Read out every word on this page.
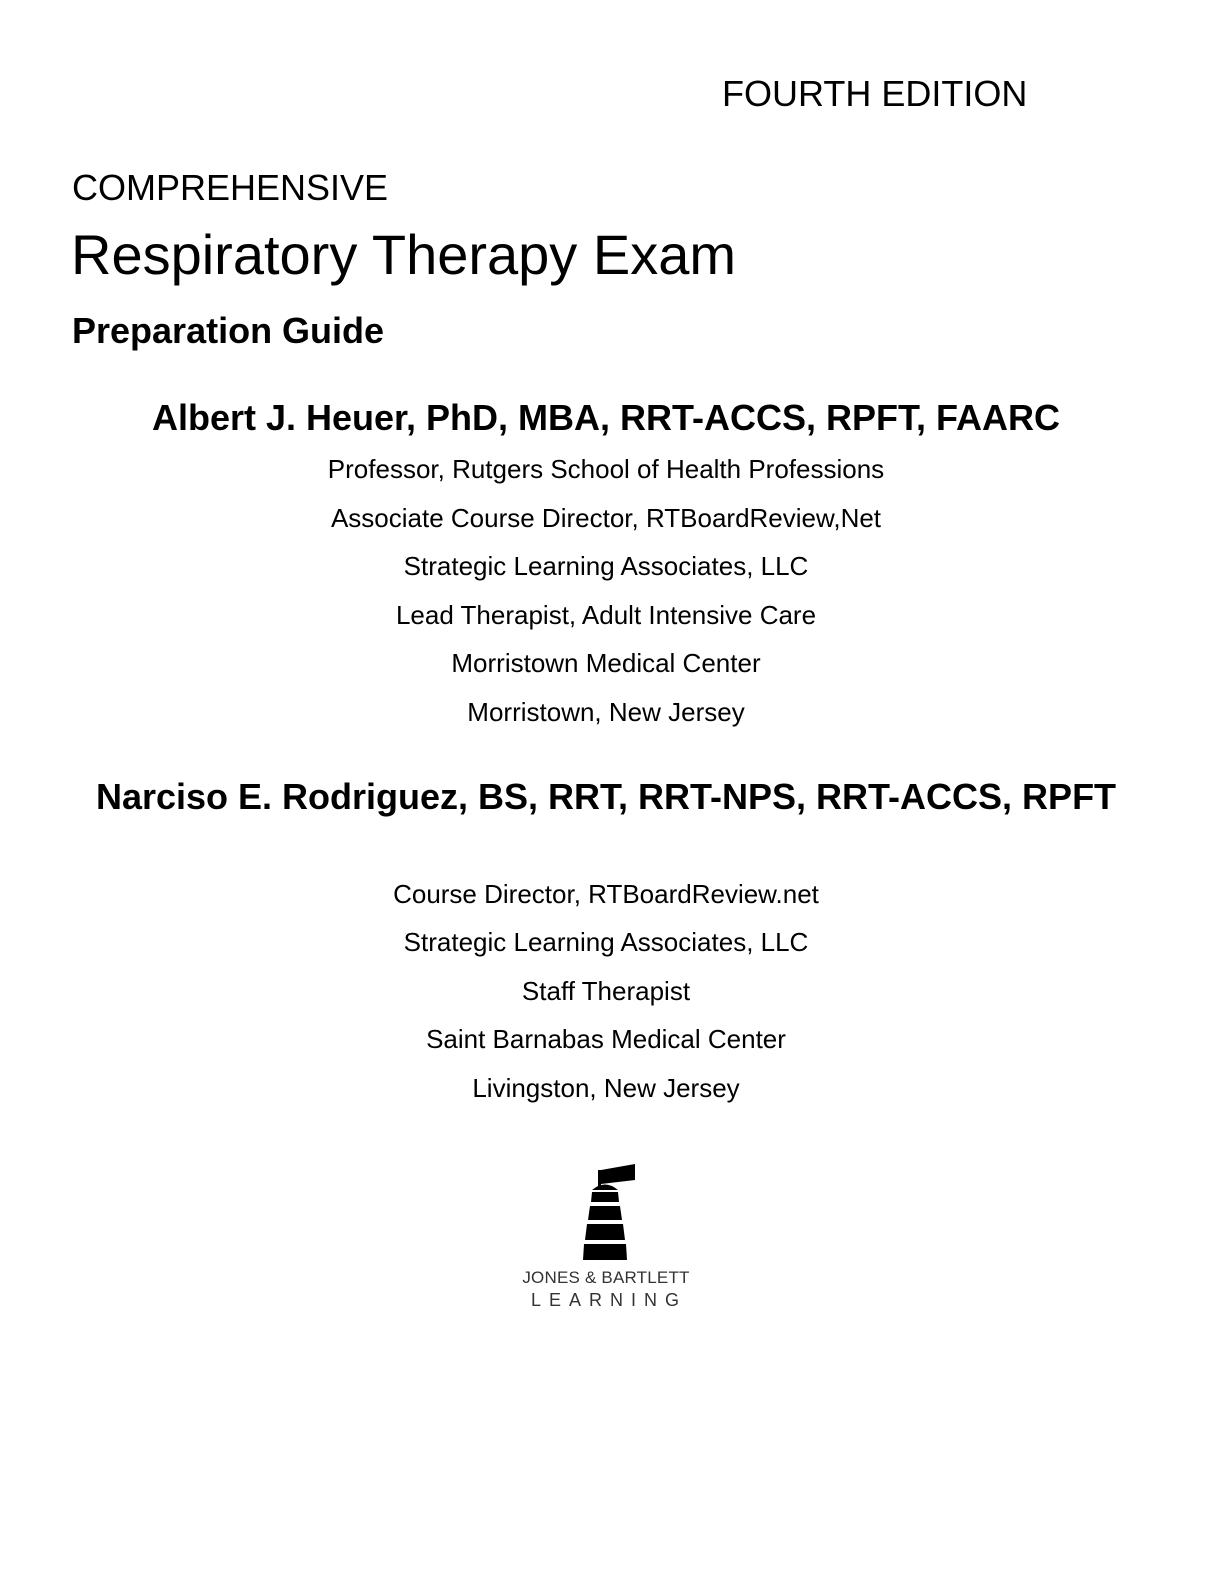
FOURTH EDITION
COMPREHENSIVE
Respiratory Therapy Exam
Preparation Guide
Albert J. Heuer, PhD, MBA, RRT-ACCS, RPFT, FAARC
Professor, Rutgers School of Health Professions
Associate Course Director, RTBoardReview,Net
Strategic Learning Associates, LLC
Lead Therapist, Adult Intensive Care
Morristown Medical Center
Morristown, New Jersey
Narciso E. Rodriguez, BS, RRT, RRT-NPS, RRT-ACCS, RPFT
Course Director, RTBoardReview.net
Strategic Learning Associates, LLC
Staff Therapist
Saint Barnabas Medical Center
Livingston, New Jersey
JONES & BARTLETT
LEARNING
